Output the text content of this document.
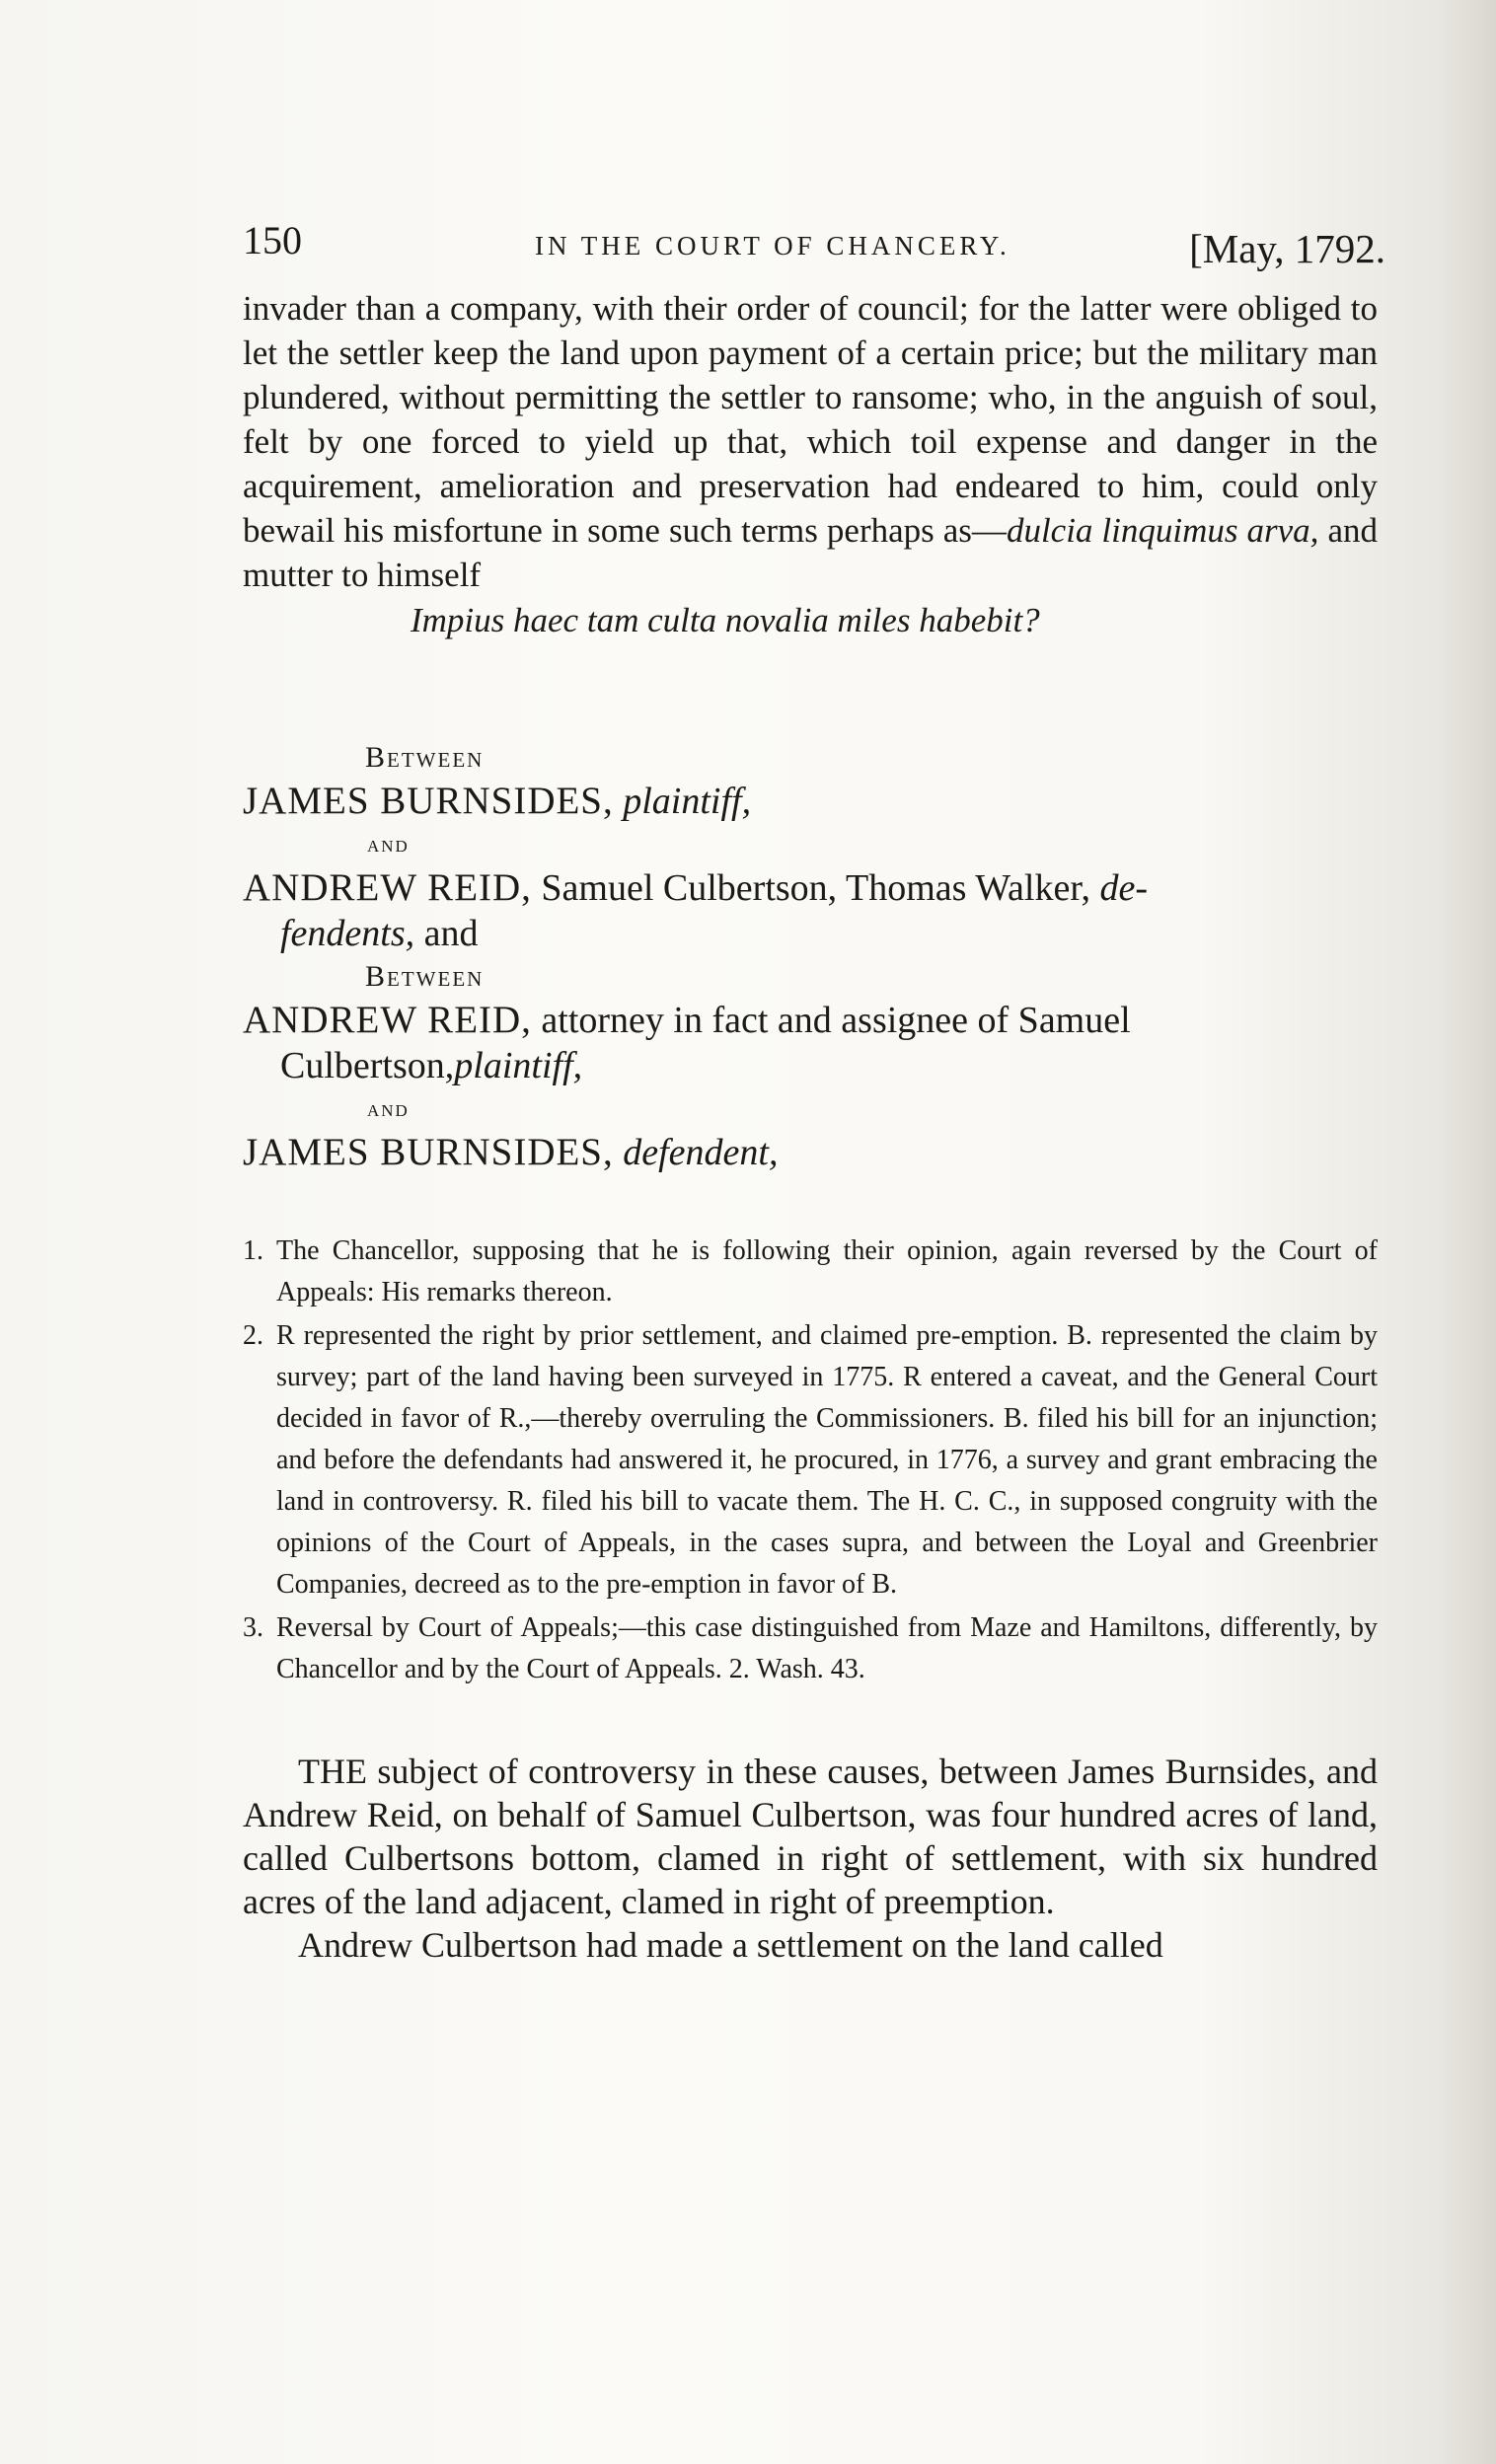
150	IN THE COURT OF CHANCERY.	[May, 1792.

invader than a company, with their order of council; for the latter were obliged to let the settler keep the land upon payment of a certain price; but the military man plundered, without permitting the settler to ransome; who, in the anguish of soul, felt by one forced to yield up that, which toil expense and danger in the acquirement, amelioration and preservation had endeared to him, could only bewail his misfortune in some such terms perhaps as—dulcia linquimus arva, and mutter to himself

Impius haec tam culta novalia miles habebit?
Between
JAMES BURNSIDES, plaintiff,
and
ANDREW REID, Samuel Culbertson, Thomas Walker, de-
fendents, and
Between
ANDREW REID, attorney in fact and assignee of Samuel
Culbertson,plaintiff,
and
JAMES BURNSIDES, defendent,
1. The Chancellor, supposing that he is following their opinion, again reversed by the Court of Appeals: His remarks thereon.
2. R represented the right by prior settlement, and claimed pre-emption. B. represented the claim by survey; part of the land having been surveyed in 1775. R entered a caveat, and the General Court decided in favor of R.,—thereby overruling the Commissioners. B. filed his bill for an injunction; and before the defendants had answered it, he procured, in 1776, a survey and grant embracing the land in controversy. R. filed his bill to vacate them. The H. C. C., in supposed congruity with the opinions of the Court of Appeals, in the cases supra, and between the Loyal and Greenbrier Companies, decreed as to the pre-emption in favor of B.
3. Reversal by Court of Appeals;—this case distinguished from Maze and Hamiltons, differently, by Chancellor and by the Court of Appeals. 2. Wash. 43.

THE subject of controversy in these causes, between James Burnsides, and Andrew Reid, on behalf of Samuel Culbertson, was four hundred acres of land, called Culbertsons bottom, clamed in right of settlement, with six hundred acres of the land adjacent, clamed in right of preemption.

Andrew Culbertson had made a settlement on the land called
